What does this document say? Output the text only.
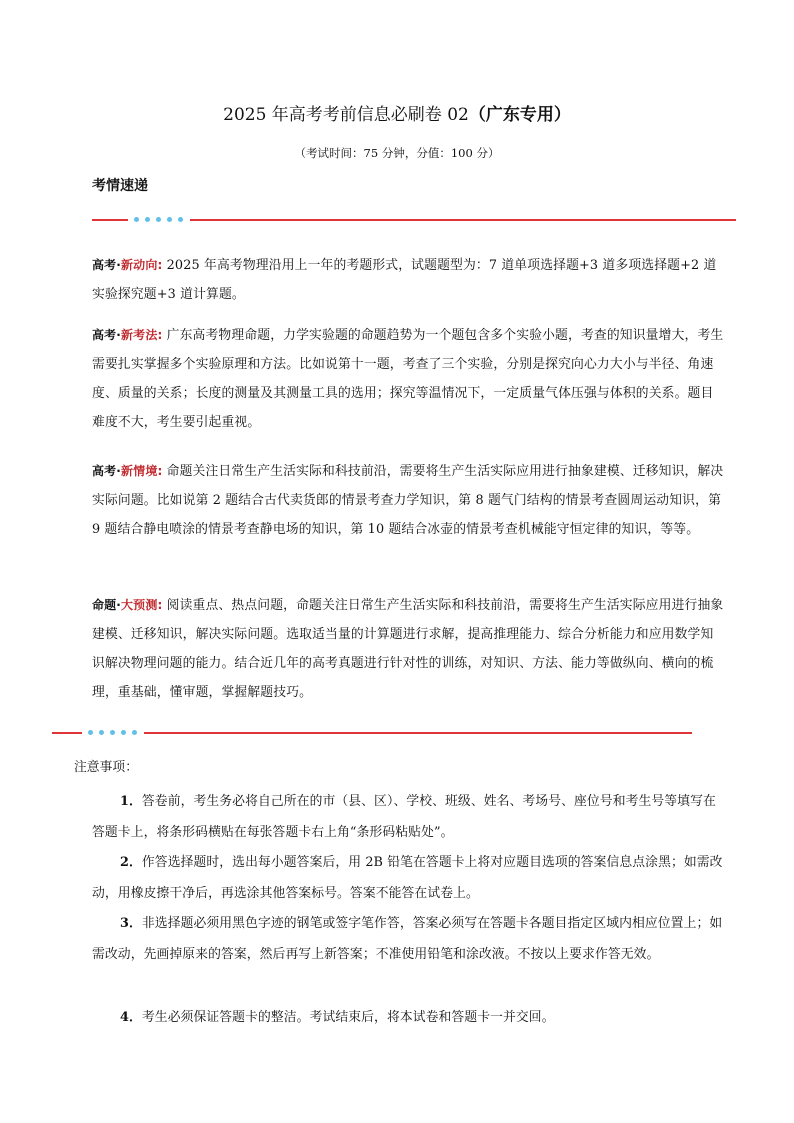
2025 年高考考前信息必刷卷 02（广东专用）
（考试时间：75 分钟，分值：100 分）
考情速递
高考·新动向: 2025 年高考物理沿用上一年的考题形式，试题题型为：7 道单项选择题+3 道多项选择题+2 道实验探究题+3 道计算题。
高考·新考法: 广东高考物理命题，力学实验题的命题趋势为一个题包含多个实验小题，考查的知识量增大，考生需要扎实掌握多个实验原理和方法。比如说第十一题，考查了三个实验，分别是探究向心力大小与半径、角速度、质量的关系；长度的测量及其测量工具的选用；探究等温情况下，一定质量气体压强与体积的关系。题目难度不大，考生要引起重视。
高考·新情境: 命题关注日常生产生活实际和科技前沿，需要将生产生活实际应用进行抽象建模、迁移知识，解决实际问题。比如说第 2 题结合古代卖货郎的情景考查力学知识，第 8 题气门结构的情景考查圆周运动知识，第 9 题结合静电喷涂的情景考查静电场的知识，第 10 题结合冰壶的情景考查机械能守恒定律的知识，等等。
命题·大预测: 阅读重点、热点问题，命题关注日常生产生活实际和科技前沿，需要将生产生活实际应用进行抽象建模、迁移知识，解决实际问题。选取适当量的计算题进行求解，提高推理能力、综合分析能力和应用数学知识解决物理问题的能力。结合近几年的高考真题进行针对性的训练，对知识、方法、能力等做纵向、横向的梳理，重基础，懂审题，掌握解题技巧。
注意事项：
1．答卷前，考生务必将自己所在的市（县、区）、学校、班级、姓名、考场号、座位号和考生号等填写在答题卡上，将条形码横贴在每张答题卡右上角“条形码粘贴处”。
2．作答选择题时，选出每小题答案后，用 2B 铅笔在答题卡上将对应题目选项的答案信息点涂黑；如需改动，用橡皮擦干净后，再选涂其他答案标号。答案不能答在试卷上。
3．非选择题必须用黑色字迹的钢笔或签字笔作答，答案必须写在答题卡各题目指定区域内相应位置上；如需改动，先画掉原来的答案，然后再写上新答案；不准使用铅笔和涂改液。不按以上要求作答无效。
4．考生必须保证答题卡的整洁。考试结束后，将本试卷和答题卡一并交回。
